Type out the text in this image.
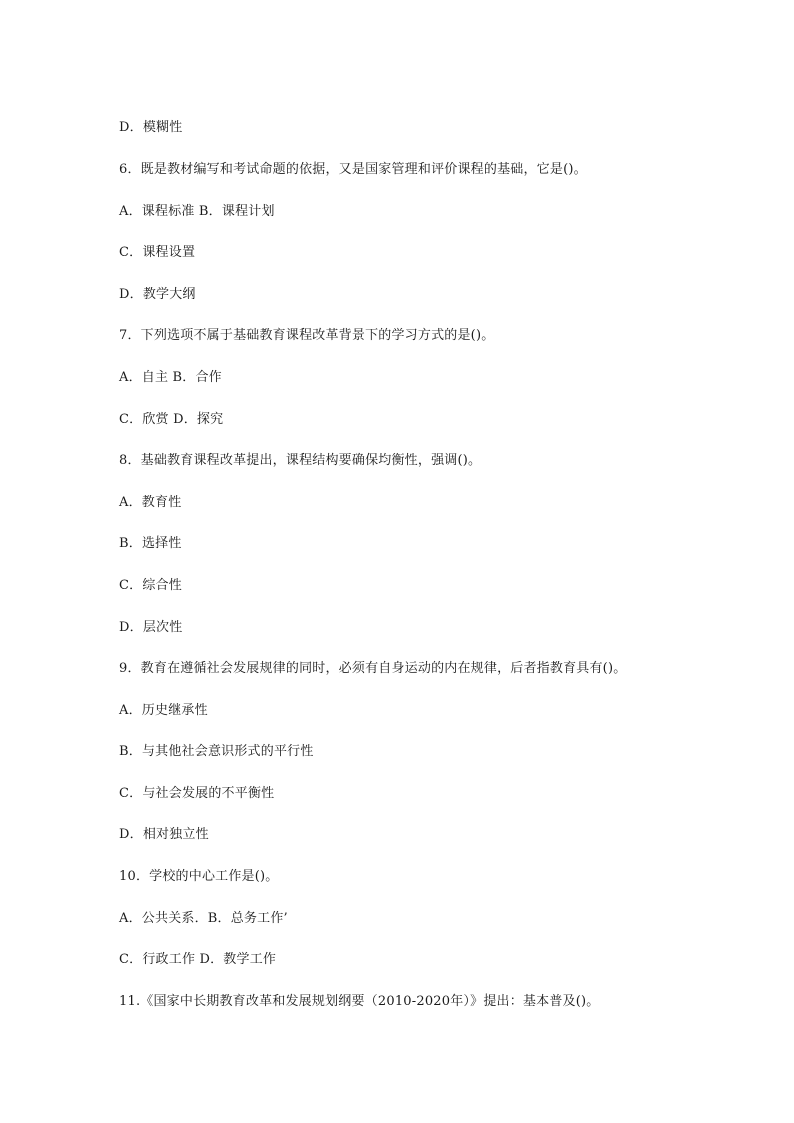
D．模糊性
6．既是教材编写和考试命题的依据，又是国家管理和评价课程的基础，它是()。
A．课程标准 B．课程计划
C．课程设置
D．教学大纲
7．下列选项不属于基础教育课程改革背景下的学习方式的是()。
A．自主 B．合作
C．欣赏 D．探究
8．基础教育课程改革提出，课程结构要确保均衡性，强调()。
A．教育性
B．选择性
C．综合性
D．层次性
9．教育在遵循社会发展规律的同时，必须有自身运动的内在规律，后者指教育具有()。
A．历史继承性
B．与其他社会意识形式的平行性
C．与社会发展的不平衡性
D．相对独立性
10．学校的中心工作是()。
A．公共关系．B．总务工作’
C．行政工作 D．教学工作
11.《国家中长期教育改革和发展规划纲要（2010-2020年）》提出：基本普及()。
